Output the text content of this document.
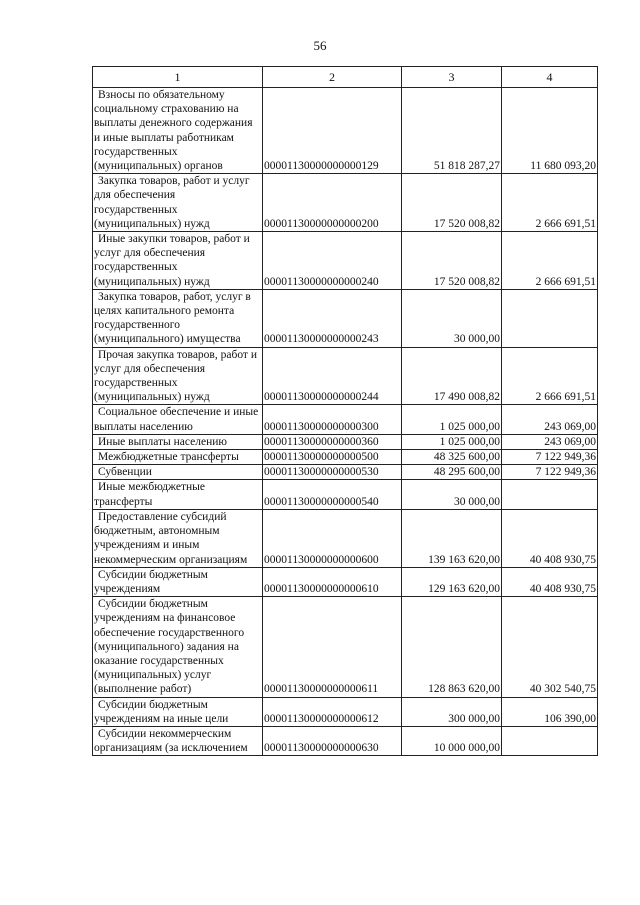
56
1	2	3	4

Взносы по обязательному социальному страхованию на выплаты денежного содержания и иные выплаты работникам государственных (муниципальных) органов	00001130000000000129	51 818 287,27	11 680 093,20

Закупка товаров, работ и услуг для обеспечения государственных (муниципальных) нужд	00001130000000000200	17 520 008,82	2 666 691,51

Иные закупки товаров, работ и услуг для обеспечения государственных (муниципальных) нужд	00001130000000000240	17 520 008,82	2 666 691,51

Закупка товаров, работ, услуг в целях капитального ремонта государственного (муниципального) имущества	00001130000000000243	30 000,00	

Прочая закупка товаров, работ и услуг для обеспечения государственных (муниципальных) нужд	00001130000000000244	17 490 008,82	2 666 691,51

Социальное обеспечение и иные выплаты населению	00001130000000000300	1 025 000,00	243 069,00

Иные выплаты населению	00001130000000000360	1 025 000,00	243 069,00

Межбюджетные трансферты	00001130000000000500	48 325 600,00	7 122 949,36

Субвенции	00001130000000000530	48 295 600,00	7 122 949,36

Иные межбюджетные трансферты	00001130000000000540	30 000,00	

Предоставление субсидий бюджетным, автономным учреждениям и иным некоммерческим организациям	00001130000000000600	139 163 620,00	40 408 930,75

Субсидии бюджетным учреждениям	00001130000000000610	129 163 620,00	40 408 930,75

Субсидии бюджетным учреждениям на финансовое обеспечение государственного (муниципального) задания на оказание государственных (муниципальных) услуг (выполнение работ)	00001130000000000611	128 863 620,00	40 302 540,75

Субсидии бюджетным учреждениям на иные цели	00001130000000000612	300 000,00	106 390,00

Субсидии некоммерческим организациям (за исключением	00001130000000000630	10 000 000,00	
